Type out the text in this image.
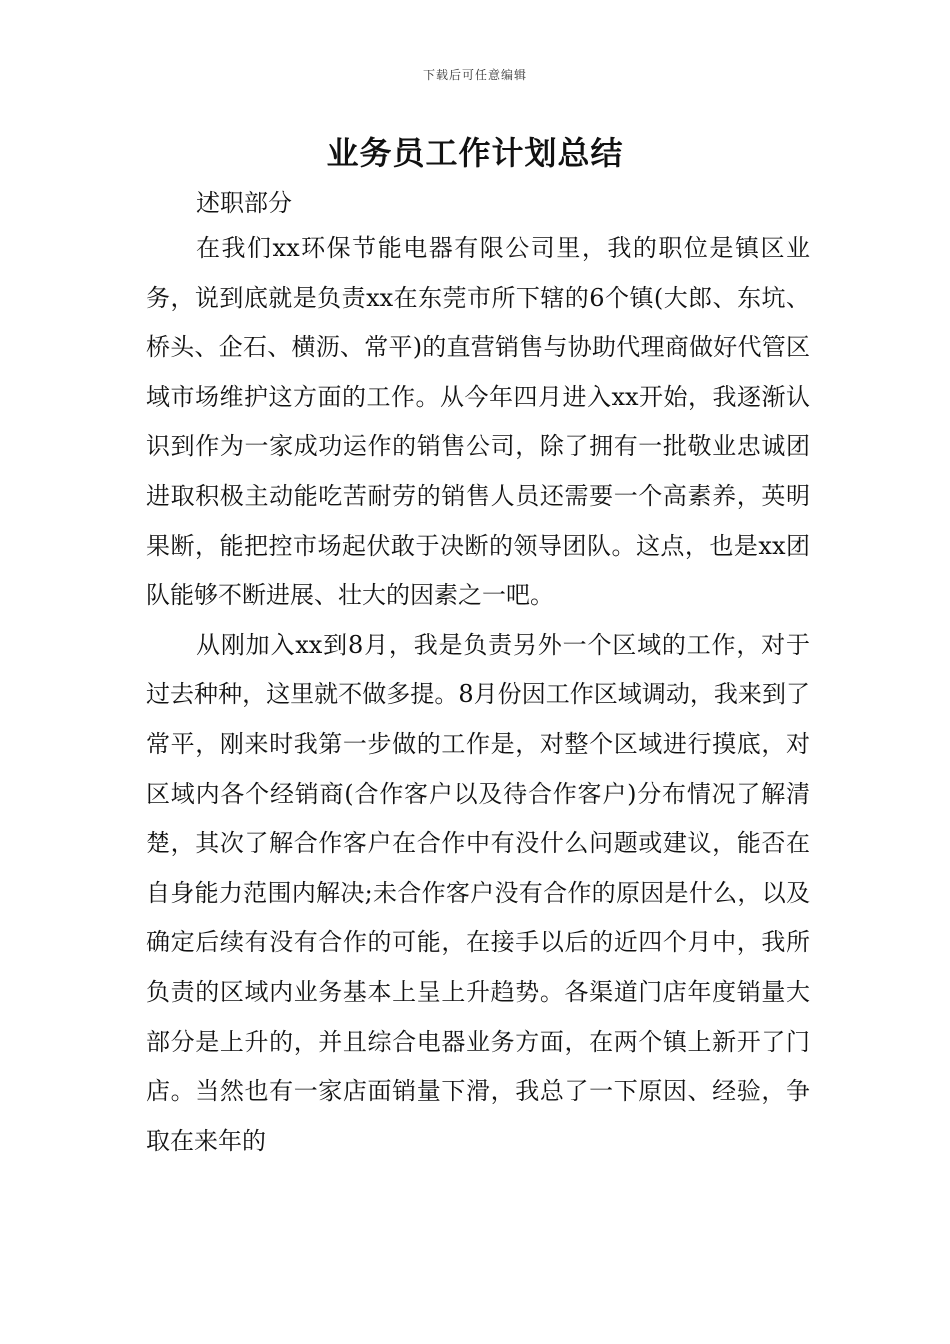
下载后可任意编辑
业务员工作计划总结

述职部分

在我们xx环保节能电器有限公司里，我的职位是镇区业务，说到底就是负责xx在东莞市所下辖的6个镇(大郎、东坑、桥头、企石、横沥、常平)的直营销售与协助代理商做好代管区域市场维护这方面的工作。从今年四月进入xx开始，我逐渐认识到作为一家成功运作的销售公司，除了拥有一批敬业忠诚团进取积极主动能吃苦耐劳的销售人员还需要一个高素养，英明果断，能把控市场起伏敢于决断的领导团队。这点，也是xx团队能够不断进展、壮大的因素之一吧。

从刚加入xx到8月，我是负责另外一个区域的工作，对于过去种种，这里就不做多提。8月份因工作区域调动，我来到了常平，刚来时我第一步做的工作是，对整个区域进行摸底，对区域内各个经销商(合作客户以及待合作客户)分布情况了解清楚，其次了解合作客户在合作中有没什么问题或建议，能否在自身能力范围内解决;未合作客户没有合作的原因是什么，以及确定后续有没有合作的可能，在接手以后的近四个月中，我所负责的区域内业务基本上呈上升趋势。各渠道门店年度销量大部分是上升的，并且综合电器业务方面，在两个镇上新开了门店。当然也有一家店面销量下滑，我总了一下原因、经验，争取在来年的
